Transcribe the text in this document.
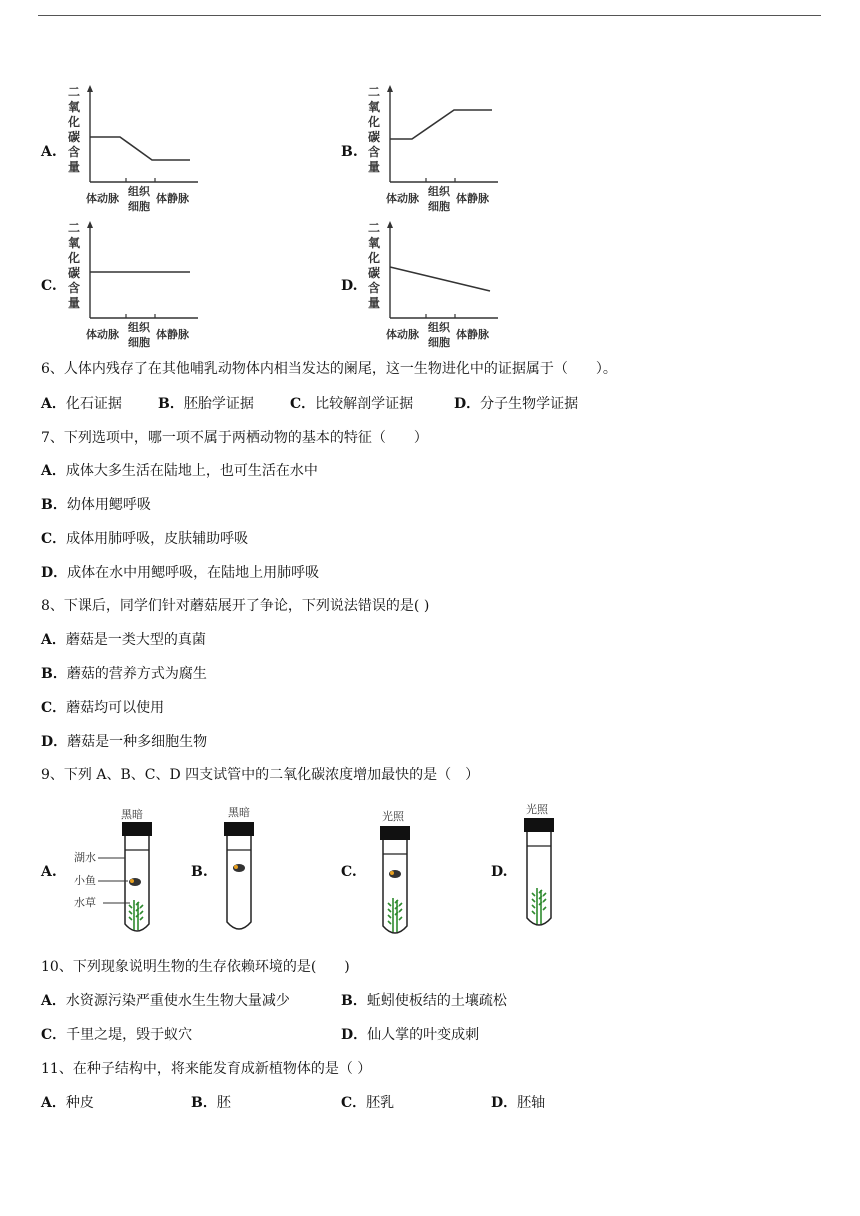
A.
二
氧
化
碳
含
量
体动脉
组织
细胞
体静脉
B.
二
氧
化
碳
含
量
体动脉
组织
细胞
体静脉
C.
二
氧
化
碳
含
量
体动脉
组织
细胞
体静脉
D.
二
氧
化
碳
含
量
体动脉
组织
细胞
体静脉
6、人体内残存了在其他哺乳动物体内相当发达的阑尾，这一生物进化中的证据属于（　　）。
A．化石证据	B．胚胎学证据	C．比较解剖学证据	D．分子生物学证据
7、下列选项中，哪一项不属于两栖动物的基本的特征（　　）
A．成体大多生活在陆地上，也可生活在水中
B．幼体用鳃呼吸
C．成体用肺呼吸，皮肤辅助呼吸
D．成体在水中用鳃呼吸，在陆地上用肺呼吸
8、下课后，同学们针对蘑菇展开了争论，下列说法错误的是( )
A．蘑菇是一类大型的真菌
B．蘑菇的营养方式为腐生
C．蘑菇均可以使用
D．蘑菇是一种多细胞生物
9、下列 A、B、C、D 四支试管中的二氧化碳浓度增加最快的是（　）
A.
黑暗
湖水
小鱼
水草
B.
黑暗
C.
光照
D.
光照
10、下列现象说明生物的生存依赖环境的是(　　)
A．水资源污染严重使水生生物大量减少	B．蚯蚓使板结的土壤疏松
C．千里之堤，毁于蚁穴	D．仙人掌的叶变成刺
11、在种子结构中，将来能发育成新植物体的是（ ）
A．种皮	B．胚	C．胚乳	D．胚轴
